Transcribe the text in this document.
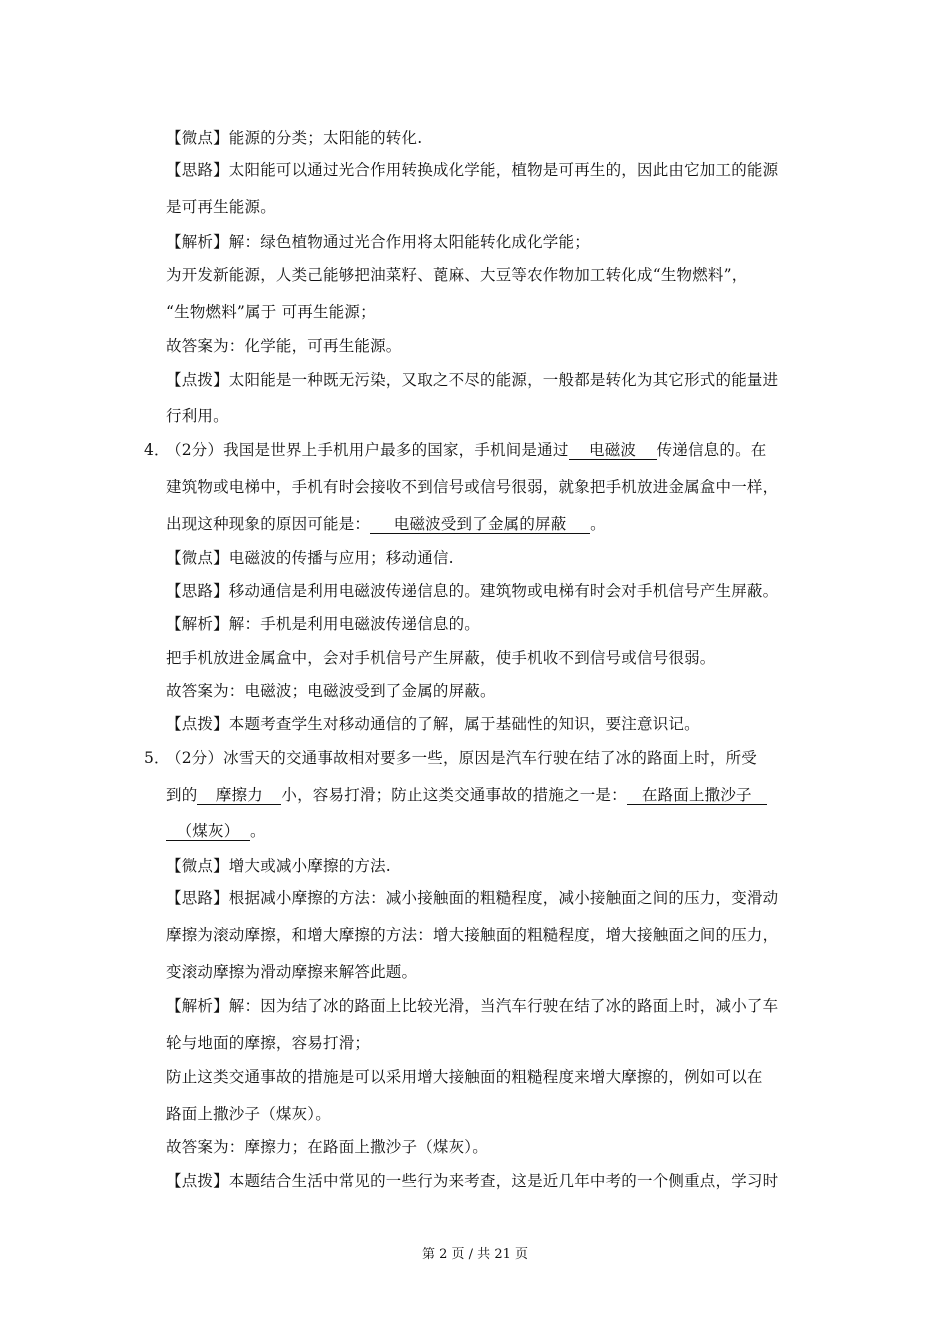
【微点】能源的分类；太阳能的转化.
【思路】太阳能可以通过光合作用转换成化学能，植物是可再生的，因此由它加工的能源
是可再生能源。
【解析】解：绿色植物通过光合作用将太阳能转化成化学能；
为开发新能源，人类己能够把油菜籽、蓖麻、大豆等农作物加工转化成“生物燃料”，
“生物燃料”属于 可再生能源；
故答案为：化学能，可再生能源。
【点拨】太阳能是一种既无污染，又取之不尽的能源，一般都是转化为其它形式的能量进
行利用。
4．
（2分）我国是世界上手机用户最多的国家，手机间是通过 电磁波 传递信息的。在
建筑物或电梯中，手机有时会接收不到信号或信号很弱，就象把手机放进金属盒中一样，
出现这种现象的原因可能是： 电磁波受到了金属的屏蔽 。
【微点】电磁波的传播与应用；移动通信.
【思路】移动通信是利用电磁波传递信息的。建筑物或电梯有时会对手机信号产生屏蔽。
【解析】解：手机是利用电磁波传递信息的。
把手机放进金属盒中，会对手机信号产生屏蔽，使手机收不到信号或信号很弱。
故答案为：电磁波；电磁波受到了金属的屏蔽。
【点拨】本题考查学生对移动通信的了解，属于基础性的知识，要注意识记。
5．
（2分）冰雪天的交通事故相对要多一些，原因是汽车行驶在结了冰的路面上时，所受
到的 摩擦力 小，容易打滑；防止这类交通事故的措施之一是： 在路面上撒沙子
（煤灰） 。
【微点】增大或减小摩擦的方法.
【思路】根据减小摩擦的方法：减小接触面的粗糙程度，减小接触面之间的压力，变滑动
摩擦为滚动摩擦，和增大摩擦的方法：增大接触面的粗糙程度，增大接触面之间的压力，
变滚动摩擦为滑动摩擦来解答此题。
【解析】解：因为结了冰的路面上比较光滑，当汽车行驶在结了冰的路面上时，减小了车
轮与地面的摩擦，容易打滑；
防止这类交通事故的措施是可以采用增大接触面的粗糙程度来增大摩擦的，例如可以在
路面上撒沙子（煤灰）。
故答案为：摩擦力；在路面上撒沙子（煤灰）。
【点拨】本题结合生活中常见的一些行为来考查，这是近几年中考的一个侧重点，学习时
第 2 页 / 共 21 页
